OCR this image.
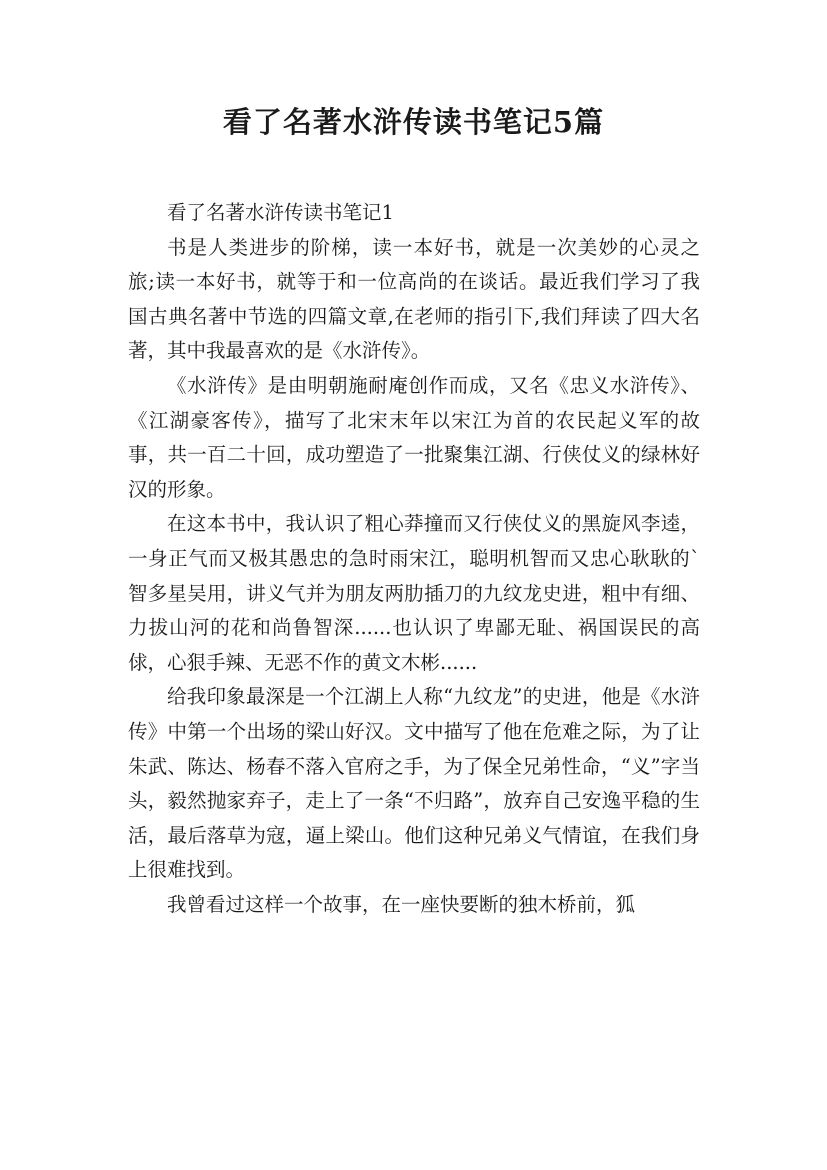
看了名著水浒传读书笔记5篇

看了名著水浒传读书笔记1

书是人类进步的阶梯，读一本好书，就是一次美妙的心灵之旅;读一本好书，就等于和一位高尚的在谈话。最近我们学习了我国古典名著中节选的四篇文章,在老师的指引下,我们拜读了四大名著，其中我最喜欢的是《水浒传》。

《水浒传》是由明朝施耐庵创作而成，又名《忠义水浒传》、《江湖豪客传》，描写了北宋末年以宋江为首的农民起义军的故事，共一百二十回，成功塑造了一批聚集江湖、行侠仗义的绿林好汉的形象。

在这本书中，我认识了粗心莽撞而又行侠仗义的黑旋风李逵，一身正气而又极其愚忠的急时雨宋江，聪明机智而又忠心耿耿的`智多星吴用，讲义气并为朋友两肋插刀的九纹龙史进，粗中有细、力拔山河的花和尚鲁智深......也认识了卑鄙无耻、祸国误民的高俅，心狠手辣、无恶不作的黄文木彬......

给我印象最深是一个江湖上人称“九纹龙”的史进，他是《水浒传》中第一个出场的梁山好汉。文中描写了他在危难之际，为了让朱武、陈达、杨春不落入官府之手，为了保全兄弟性命，“义”字当头，毅然抛家弃子，走上了一条“不归路”，放弃自己安逸平稳的生活，最后落草为寇，逼上梁山。他们这种兄弟义气情谊，在我们身上很难找到。

我曾看过这样一个故事，在一座快要断的独木桥前，狐
